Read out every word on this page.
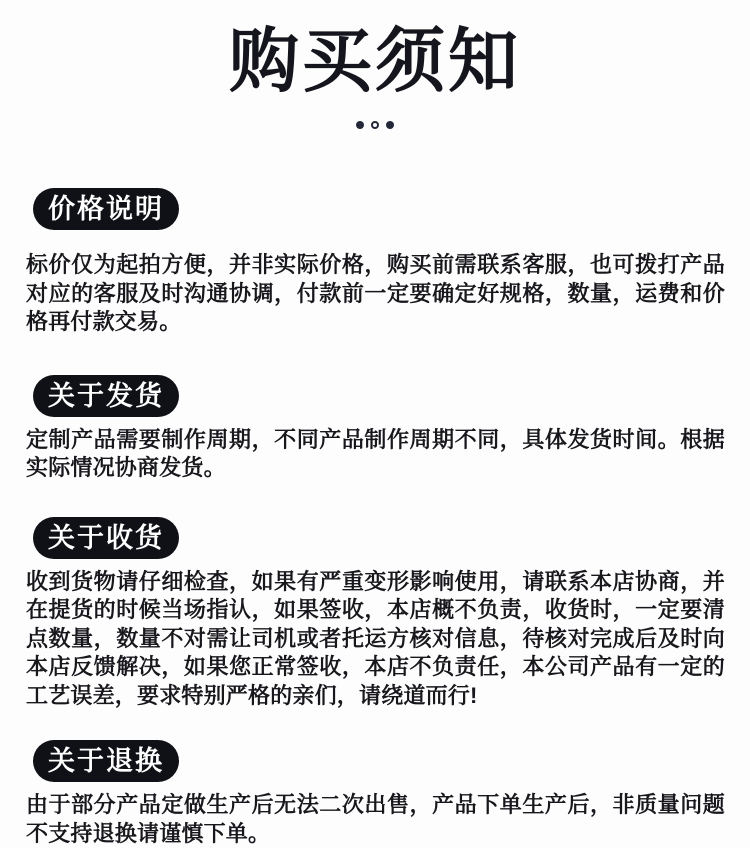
购买须知
价格说明

标价仅为起拍方便，并非实际价格，购买前需联系客服，也可拨打产品对应的客服及时沟通协调，付款前一定要确定好规格，数量，运费和价格再付款交易。

关于发货

定制产品需要制作周期，不同产品制作周期不同，具体发货时间。根据实际情况协商发货。

关于收货

收到货物请仔细检查，如果有严重变形影响使用，请联系本店协商，并在提货的时候当场指认，如果签收，本店概不负责，收货时，一定要清点数量，数量不对需让司机或者托运方核对信息，待核对完成后及时向本店反馈解决，如果您正常签收，本店不负责任，本公司产品有一定的工艺误差，要求特别严格的亲们，请绕道而行!

关于退换

由于部分产品定做生产后无法二次出售，产品下单生产后，非质量问题不支持退换请谨慎下单。
